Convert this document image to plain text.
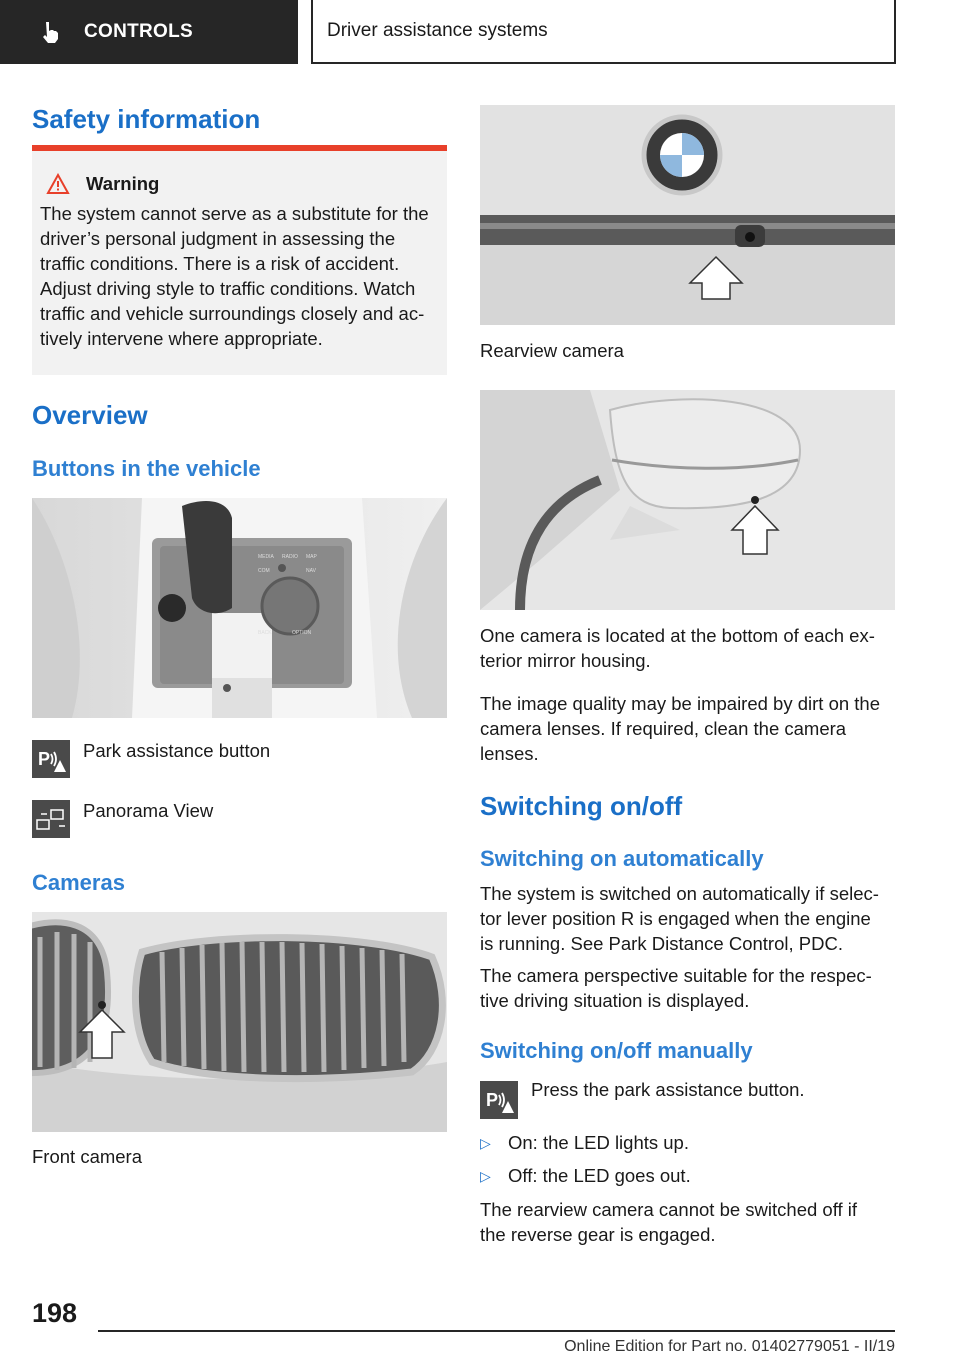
CONTROLS	Driver assistance systems
Safety information
Warning
The system cannot serve as a substitute for the
driver’s personal judgment in assessing the
traffic conditions. There is a risk of accident.
Adjust driving style to traffic conditions. Watch
traffic and vehicle surroundings closely and ac-
tively intervene where appropriate.
Overview
Buttons in the vehicle
MEDIA RADIO MAP
COM	NAV
BACK	OPTION
P Park assistance button
Panorama View
Cameras
Front camera
Rearview camera
One camera is located at the bottom of each ex-
terior mirror housing.
The image quality may be impaired by dirt on the
camera lenses. If required, clean the camera
lenses.
Switching on/off
Switching on automatically
The system is switched on automatically if selec-
tor lever position R is engaged when the engine
is running. See Park Distance Control, PDC.
The camera perspective suitable for the respec-
tive driving situation is displayed.
Switching on/off manually
P Press the park assistance button.
▷ On: the LED lights up.
▷ Off: the LED goes out.
The rearview camera cannot be switched off if
the reverse gear is engaged.
198
Online Edition for Part no. 01402779051 - II/19
